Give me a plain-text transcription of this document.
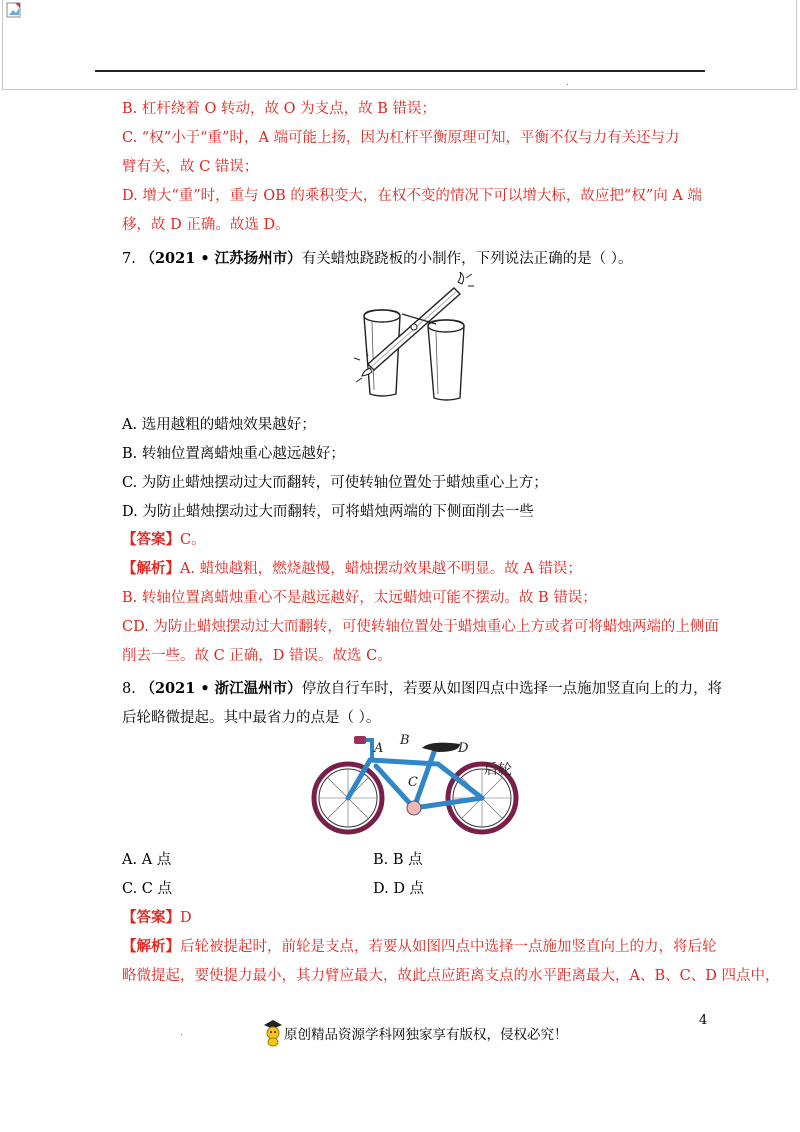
.
B. 杠杆绕着 O 转动，故 O 为支点，故 B 错误；
C. “权”小于“重”时，A 端可能上扬，因为杠杆平衡原理可知，平衡不仅与力有关还与力
臂有关，故 C 错误；
D. 增大“重”时，重与 OB 的乘积变大，在权不变的情况下可以增大标，故应把“权”向 A 端
移，故 D 正确。故选 D。
7. （2021 • 江苏扬州市）有关蜡烛跷跷板的小制作，下列说法正确的是（ ）。
A. 选用越粗的蜡烛效果越好；
B. 转轴位置离蜡烛重心越远越好；
C. 为防止蜡烛摆动过大而翻转，可使转轴位置处于蜡烛重心上方；
D. 为防止蜡烛摆动过大而翻转，可将蜡烛两端的下侧面削去一些
【答案】C。
【解析】A. 蜡烛越粗，燃烧越慢，蜡烛摆动效果越不明显。故 A 错误；
B. 转轴位置离蜡烛重心不是越远越好，太远蜡烛可能不摆动。故 B 错误；
CD. 为防止蜡烛摆动过大而翻转，可使转轴位置处于蜡烛重心上方或者可将蜡烛两端的上侧面
削去一些。故 C 正确，D 错误。故选 C。
8. （2021 • 浙江温州市）停放自行车时，若要从如图四点中选择一点施加竖直向上的力，将
后轮略微提起。其中最省力的点是（ ）。
A
B
C
D
后轮
A. A 点	B. B 点
C. C 点	D. D 点
【答案】D
【解析】后轮被提起时，前轮是支点，若要从如图四点中选择一点施加竖直向上的力，将后轮
略微提起，要使提力最小，其力臂应最大，故此点应距离支点的水平距离最大，A、B、C、D 四点中，
4
.	原创精品资源学科网独家享有版权，侵权必究！
